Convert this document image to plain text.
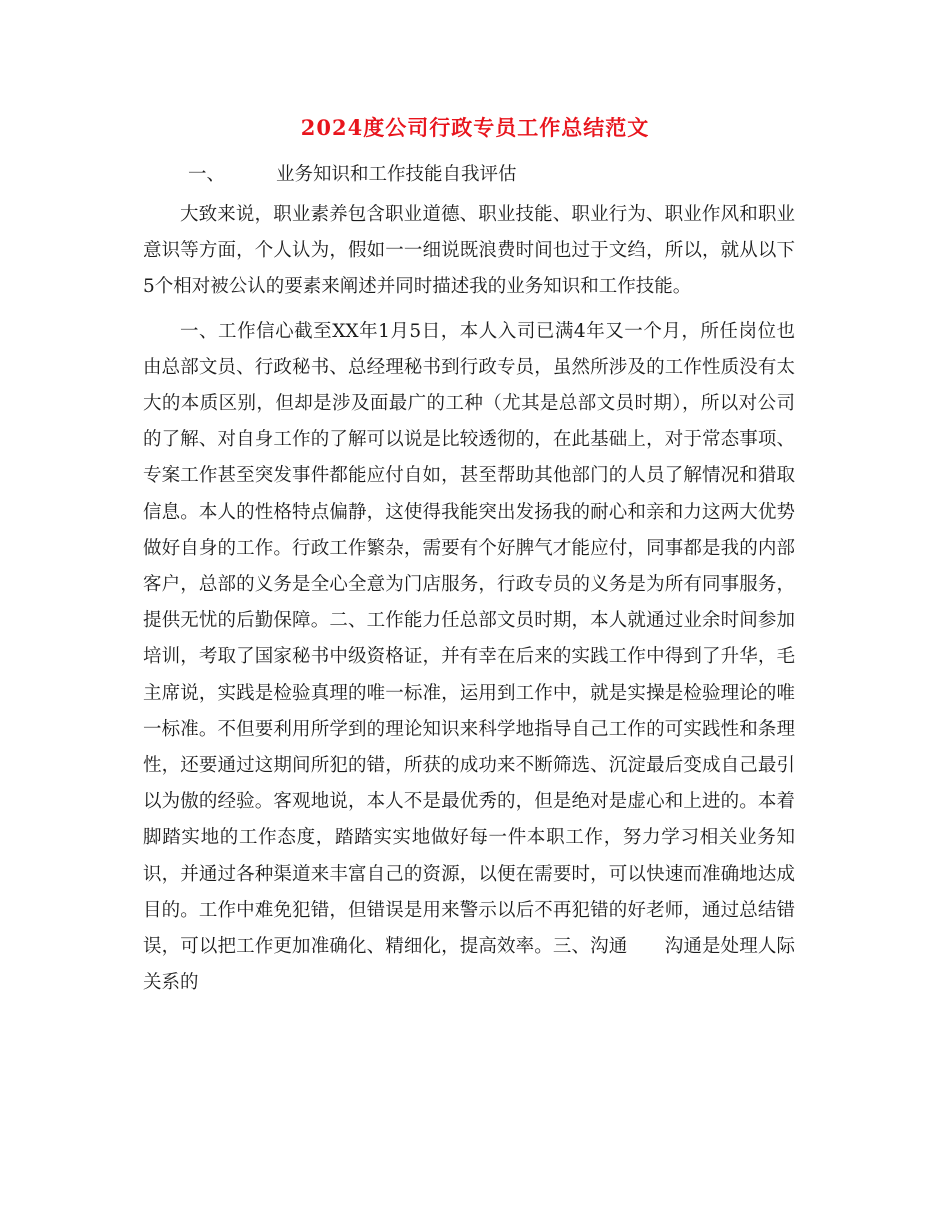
2024度公司行政专员工作总结范文
一、	业务知识和工作技能自我评估

大致来说，职业素养包含职业道德、职业技能、职业行为、职业作风和职业意识等方面，个人认为，假如一一细说既浪费时间也过于文绉，所以，就从以下5个相对被公认的要素来阐述并同时描述我的业务知识和工作技能。

一、工作信心截至XX年1月5日，本人入司已满4年又一个月，所任岗位也由总部文员、行政秘书、总经理秘书到行政专员，虽然所涉及的工作性质没有太大的本质区别，但却是涉及面最广的工种（尤其是总部文员时期），所以对公司的了解、对自身工作的了解可以说是比较透彻的，在此基础上，对于常态事项、专案工作甚至突发事件都能应付自如，甚至帮助其他部门的人员了解情况和猎取信息。本人的性格特点偏静，这使得我能突出发扬我的耐心和亲和力这两大优势做好自身的工作。行政工作繁杂，需要有个好脾气才能应付，同事都是我的内部客户，总部的义务是全心全意为门店服务，行政专员的义务是为所有同事服务，提供无忧的后勤保障。二、工作能力任总部文员时期，本人就通过业余时间参加培训，考取了国家秘书中级资格证，并有幸在后来的实践工作中得到了升华，毛主席说，实践是检验真理的唯一标准，运用到工作中，就是实操是检验理论的唯一标准。不但要利用所学到的理论知识来科学地指导自己工作的可实践性和条理性，还要通过这期间所犯的错，所获的成功来不断筛选、沉淀最后变成自己最引以为傲的经验。客观地说，本人不是最优秀的，但是绝对是虚心和上进的。本着脚踏实地的工作态度，踏踏实实地做好每一件本职工作，努力学习相关业务知识，并通过各种渠道来丰富自己的资源，以便在需要时，可以快速而准确地达成目的。工作中难免犯错，但错误是用来警示以后不再犯错的好老师，通过总结错误，可以把工作更加准确化、精细化，提高效率。三、沟通　　沟通是处理人际关系的
